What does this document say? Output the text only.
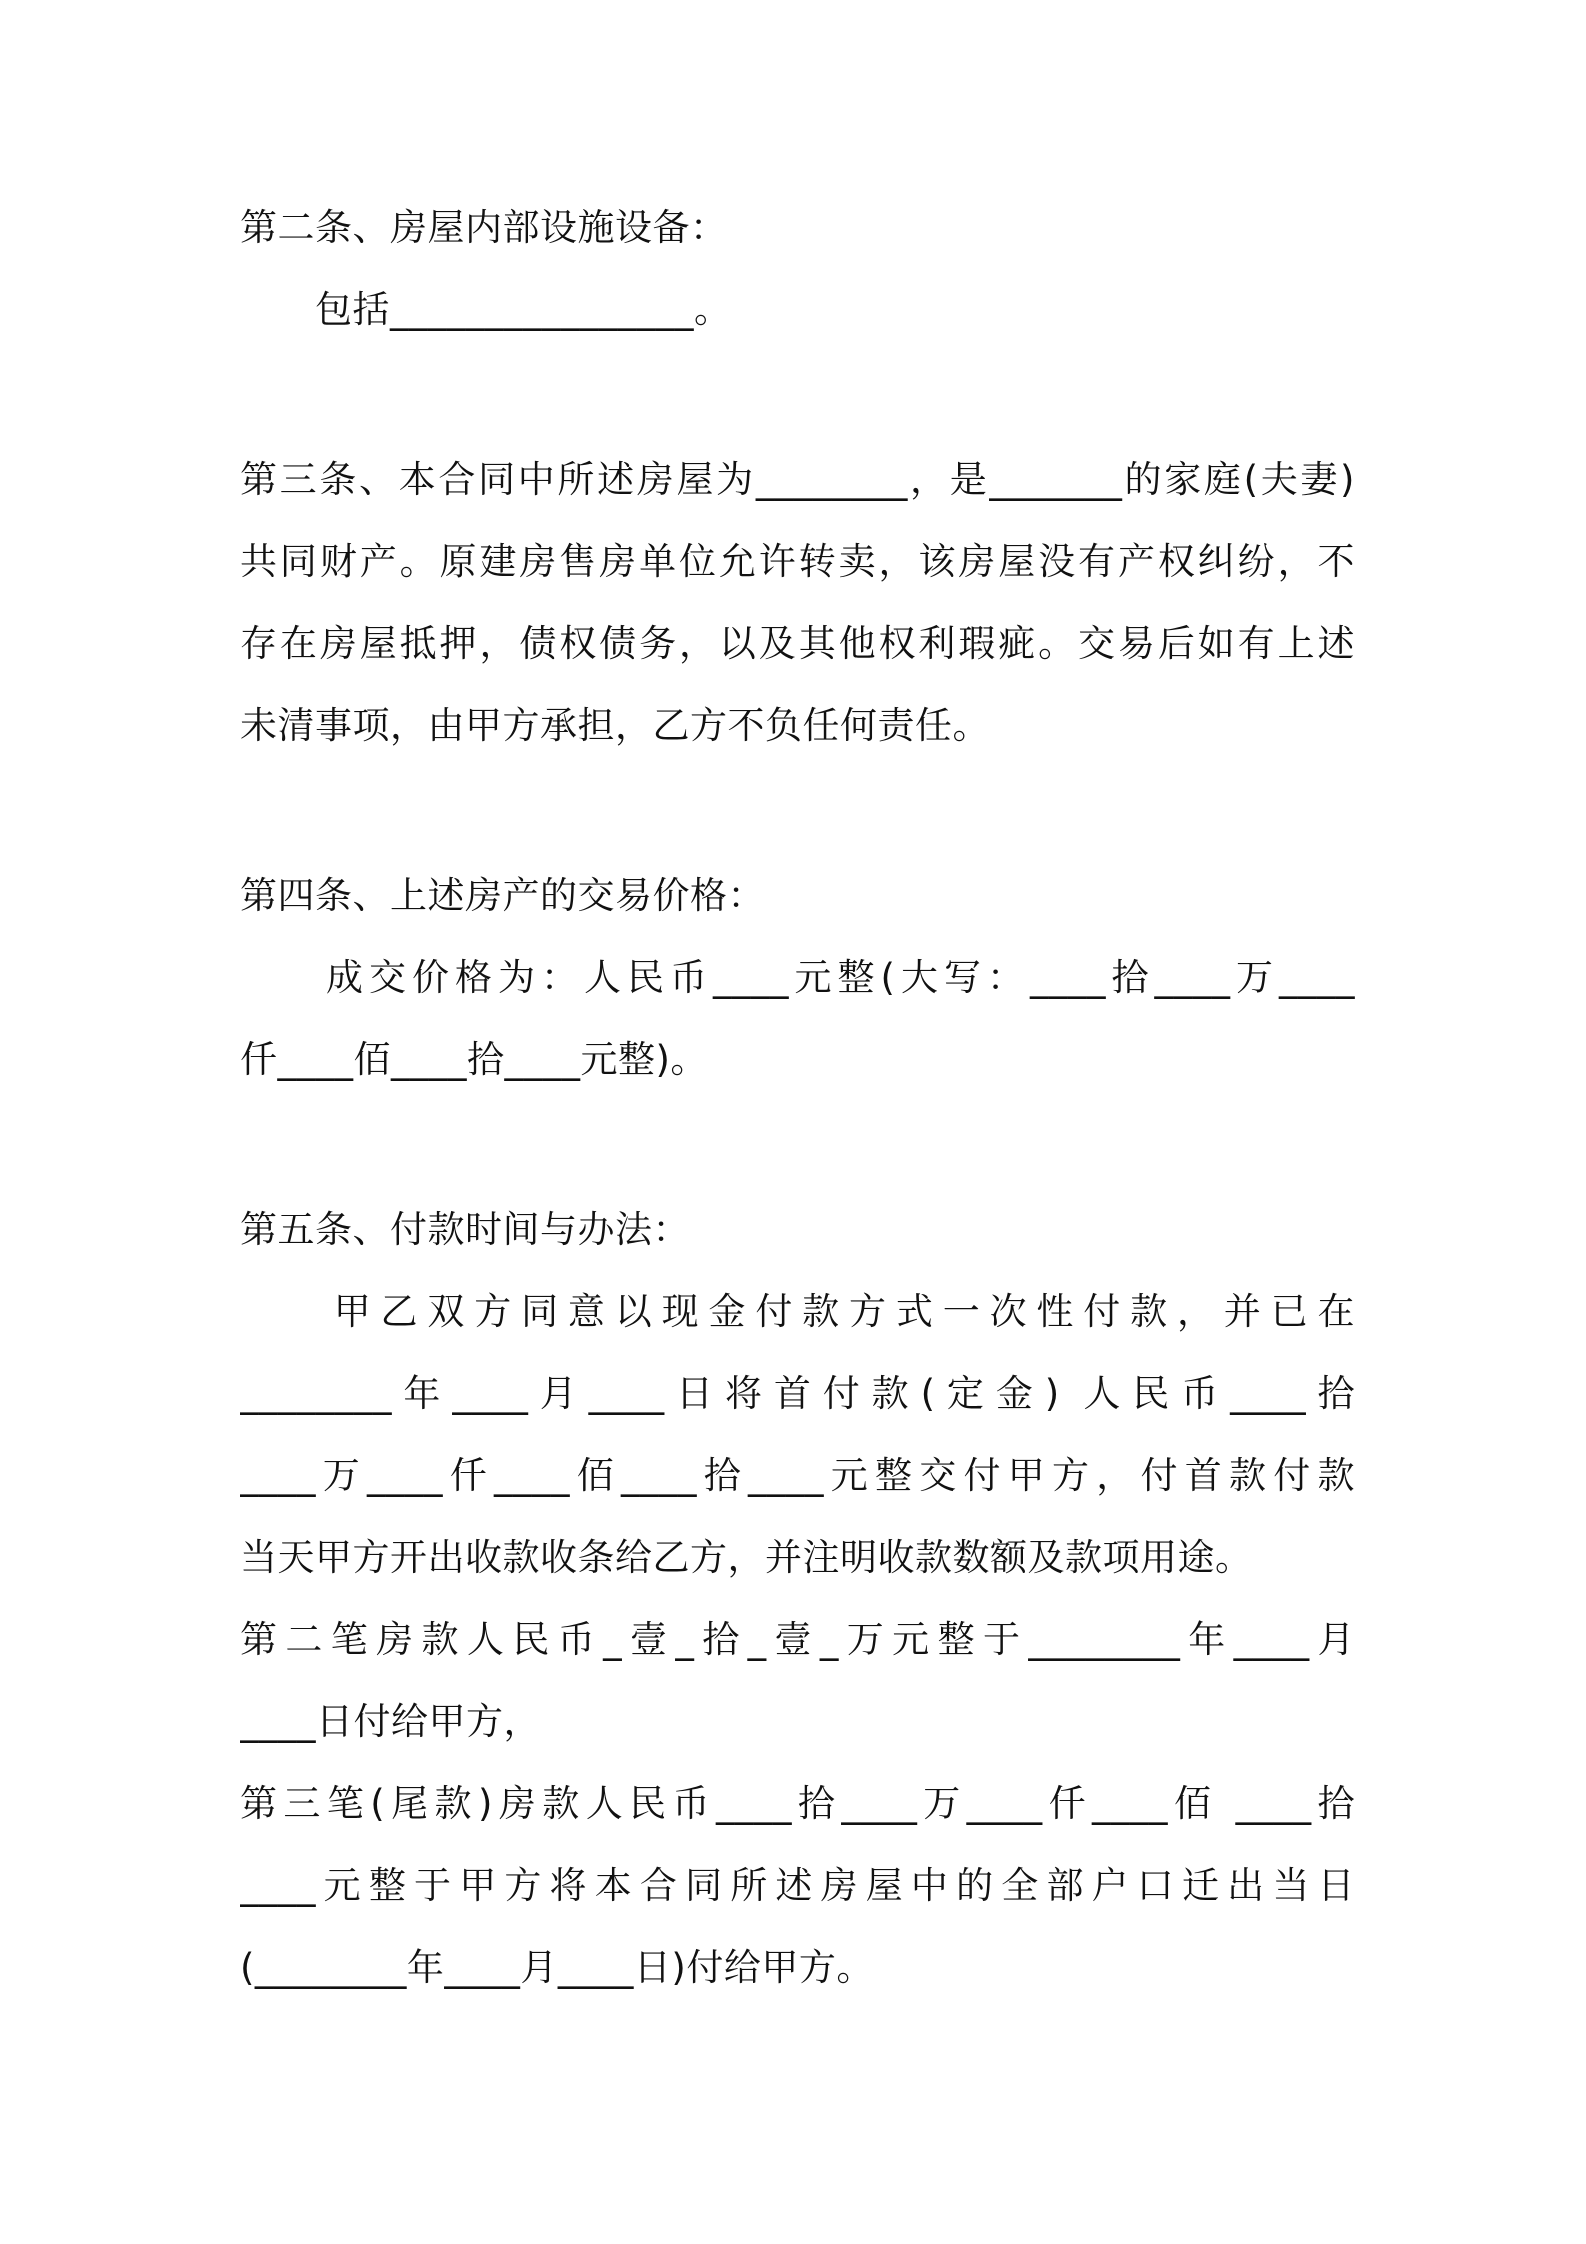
第二条、房屋内部设施设备：
　　包括________________。
第三条、本合同中所述房屋为________，是_______的家庭(夫妻)
共同财产。原建房售房单位允许转卖，该房屋没有产权纠纷，不
存在房屋抵押，债权债务，以及其他权利瑕疵。交易后如有上述
未清事项，由甲方承担，乙方不负任何责任。
第四条、上述房产的交易价格：
　　成交价格为：人民币____元整(大写：____拾____万____
仟____佰____拾____元整)。
第五条、付款时间与办法：
　　甲乙双方同意以现金付款方式一次性付款，并已在
________年____月____日将首付款(定金) 人民币____拾
____万____仟____佰____拾____元整交付甲方，付首款付款
当天甲方开出收款收条给乙方，并注明收款数额及款项用途。
第二笔房款人民币_壹_拾_壹_万元整于________年____月
____日付给甲方，
第三笔(尾款)房款人民币____拾____万____仟____佰 ____拾
____元整于甲方将本合同所述房屋中的全部户口迁出当日
(________年____月____日)付给甲方。
